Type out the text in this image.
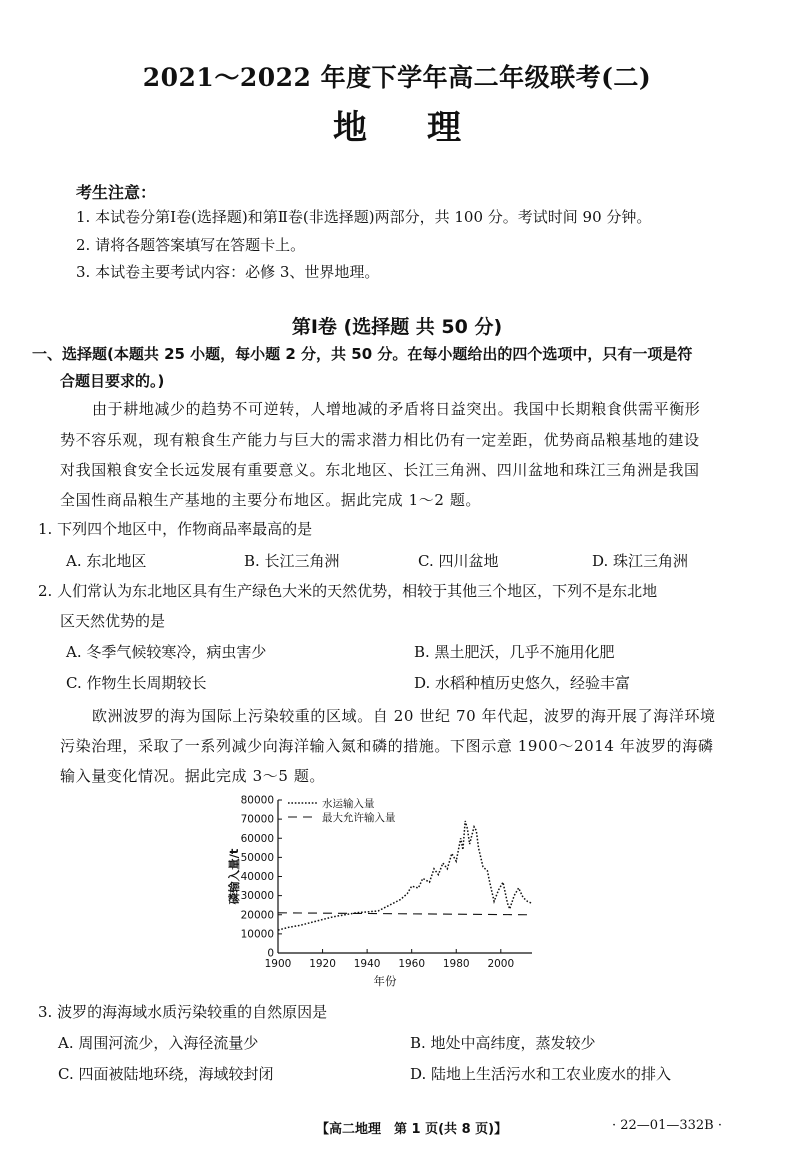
2021～2022 年度下学年高二年级联考(二)
地理
考生注意：
1. 本试卷分第Ⅰ卷(选择题)和第Ⅱ卷(非选择题)两部分，共 100 分。考试时间 90 分钟。
2. 请将各题答案填写在答题卡上。
3. 本试卷主要考试内容：必修 3、世界地理。
第Ⅰ卷 (选择题 共 50 分)
一、选择题(本题共 25 小题，每小题 2 分，共 50 分。在每小题给出的四个选项中，只有一项是符
合题目要求的。)
由于耕地减少的趋势不可逆转，人增地减的矛盾将日益突出。我国中长期粮食供需平衡形
势不容乐观，现有粮食生产能力与巨大的需求潜力相比仍有一定差距，优势商品粮基地的建设
对我国粮食安全长远发展有重要意义。东北地区、长江三角洲、四川盆地和珠江三角洲是我国
全国性商品粮生产基地的主要分布地区。据此完成 1～2 题。
1. 下列四个地区中，作物商品率最高的是
A. 东北地区	B. 长江三角洲	C. 四川盆地	D. 珠江三角洲
2. 人们常认为东北地区具有生产绿色大米的天然优势，相较于其他三个地区，下列不是东北地
区天然优势的是
A. 冬季气候较寒冷，病虫害少	B. 黑土肥沃，几乎不施用化肥
C. 作物生长周期较长	D. 水稻种植历史悠久，经验丰富
欧洲波罗的海为国际上污染较重的区域。自 20 世纪 70 年代起，波罗的海开展了海洋环境
污染治理，采取了一系列减少向海洋输入氮和磷的措施。下图示意 1900～2014 年波罗的海磷
输入量变化情况。据此完成 3～5 题。
0
10000
20000
30000
40000
50000
60000
70000
80000
1900 1920 1940 1960 1980 2000
年份
磷输入量/t
水运输入量
最大允许输入量
3. 波罗的海海域水质污染较重的自然原因是
A. 周围河流少，入海径流量少	B. 地处中高纬度，蒸发较少
C. 四面被陆地环绕，海域较封闭	D. 陆地上生活污水和工农业废水的排入
【高二地理　第 1 页(共 8 页)】	· 22—01—332B ·
